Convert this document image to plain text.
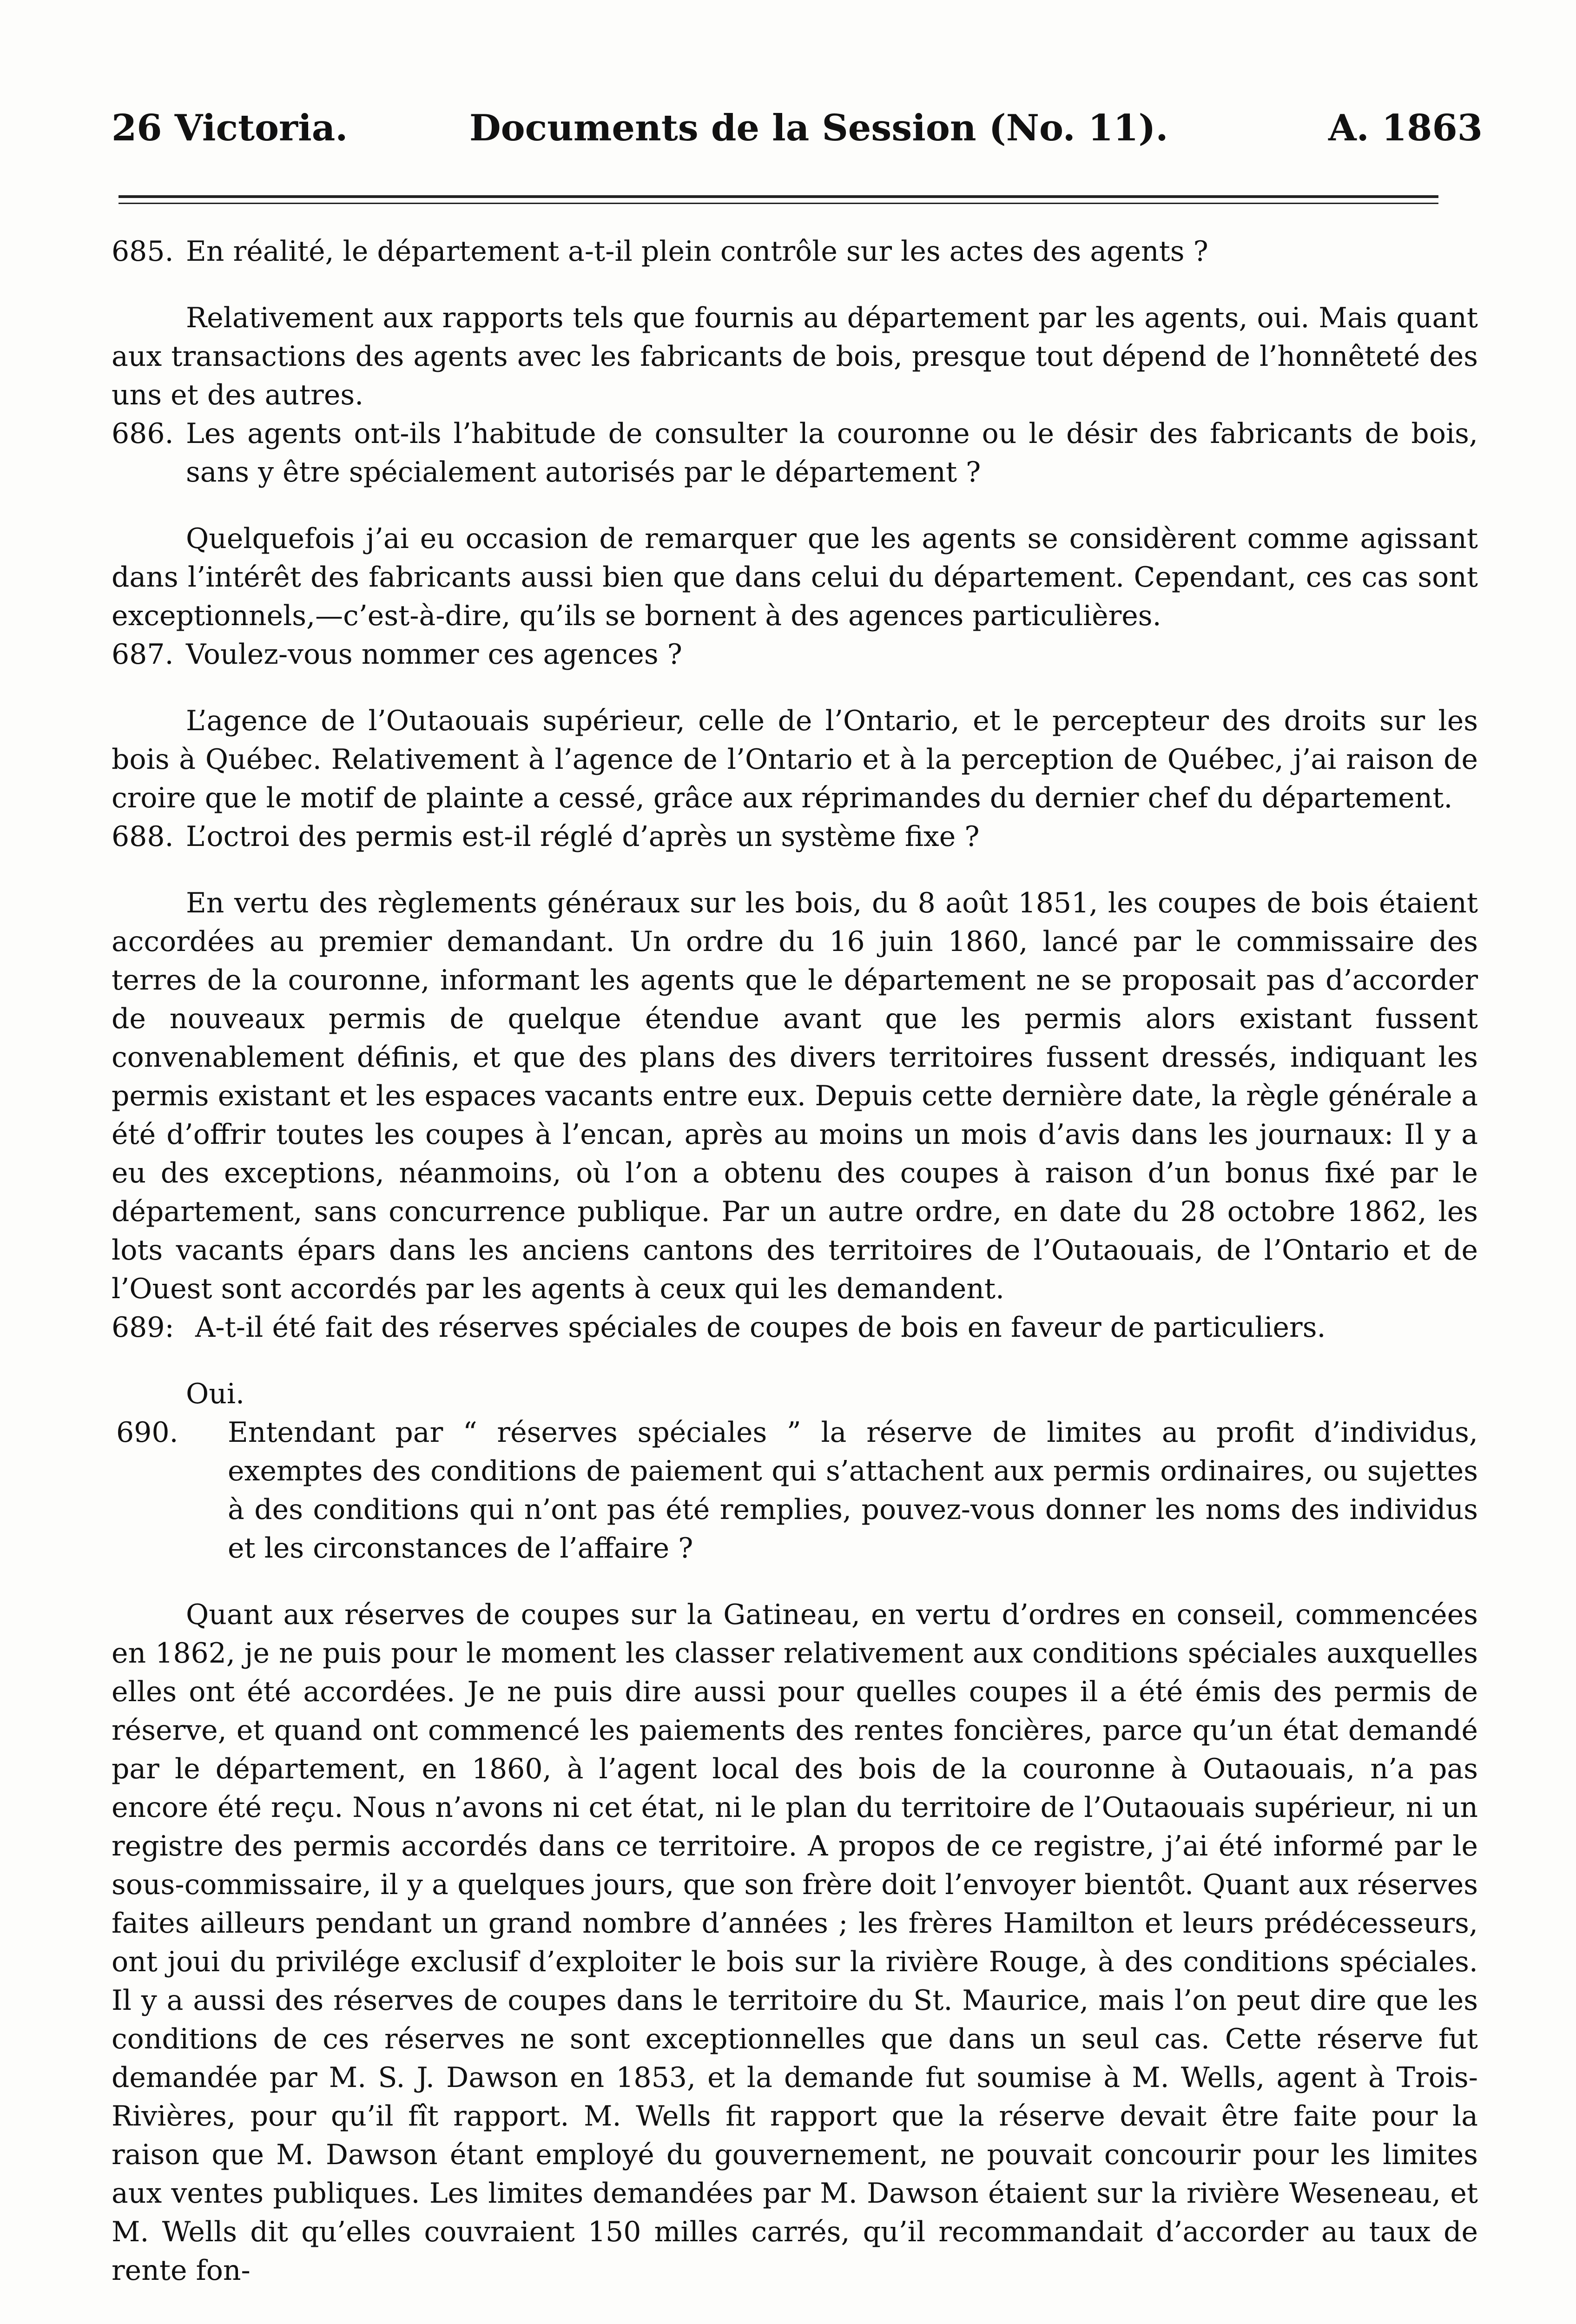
26 Victoria.	Documents de la Session (No. 11).	A. 1863

685. En réalité, le département a-t-il plein contrôle sur les actes des agents ?

Relativement aux rapports tels que fournis au département par les agents, oui. Mais quant aux transactions des agents avec les fabricants de bois, presque tout dépend de l’honnêteté des uns et des autres.

686. Les agents ont-ils l’habitude de consulter la couronne ou le désir des fabricants de bois, sans y être spécialement autorisés par le département ?

Quelquefois j’ai eu occasion de remarquer que les agents se considèrent comme agissant dans l’intérêt des fabricants aussi bien que dans celui du département. Cependant, ces cas sont exceptionnels,—c’est-à-dire, qu’ils se bornent à des agences particulières.

687. Voulez-vous nommer ces agences ?

L’agence de l’Outaouais supérieur, celle de l’Ontario, et le percepteur des droits sur les bois à Québec. Relativement à l’agence de l’Ontario et à la perception de Québec, j’ai raison de croire que le motif de plainte a cessé, grâce aux réprimandes du dernier chef du département.

688. L’octroi des permis est-il réglé d’après un système fixe ?

En vertu des règlements généraux sur les bois, du 8 août 1851, les coupes de bois étaient accordées au premier demandant. Un ordre du 16 juin 1860, lancé par le commissaire des terres de la couronne, informant les agents que le département ne se proposait pas d’accorder de nouveaux permis de quelque étendue avant que les permis alors existant fussent convenablement définis, et que des plans des divers territoires fussent dressés, indiquant les permis existant et les espaces vacants entre eux. Depuis cette dernière date, la règle générale a été d’offrir toutes les coupes à l’encan, après au moins un mois d’avis dans les journaux: Il y a eu des exceptions, néanmoins, où l’on a obtenu des coupes à raison d’un bonus fixé par le département, sans concurrence publique. Par un autre ordre, en date du 28 octobre 1862, les lots vacants épars dans les anciens cantons des territoires de l’Outaouais, de l’Ontario et de l’Ouest sont accordés par les agents à ceux qui les demandent.

689: A-t-il été fait des réserves spéciales de coupes de bois en faveur de particuliers.

Oui.

690. Entendant par “ réserves spéciales ” la réserve de limites au profit d’individus, exemptes des conditions de paiement qui s’attachent aux permis ordinaires, ou sujettes à des conditions qui n’ont pas été remplies, pouvez-vous donner les noms des individus et les circonstances de l’affaire ?

Quant aux réserves de coupes sur la Gatineau, en vertu d’ordres en conseil, commencées en 1862, je ne puis pour le moment les classer relativement aux conditions spéciales auxquelles elles ont été accordées. Je ne puis dire aussi pour quelles coupes il a été émis des permis de réserve, et quand ont commencé les paiements des rentes foncières, parce qu’un état demandé par le département, en 1860, à l’agent local des bois de la couronne à Outaouais, n’a pas encore été reçu. Nous n’avons ni cet état, ni le plan du territoire de l’Outaouais supérieur, ni un registre des permis accordés dans ce territoire. A propos de ce registre, j’ai été informé par le sous-commissaire, il y a quelques jours, que son frère doit l’envoyer bientôt. Quant aux réserves faites ailleurs pendant un grand nombre d’années ; les frères Hamilton et leurs prédécesseurs, ont joui du privilége exclusif d’exploiter le bois sur la rivière Rouge, à des conditions spéciales. Il y a aussi des réserves de coupes dans le territoire du St. Maurice, mais l’on peut dire que les conditions de ces réserves ne sont exceptionnelles que dans un seul cas. Cette réserve fut demandée par M. S. J. Dawson en 1853, et la demande fut soumise à M. Wells, agent à Trois-Rivières, pour qu’il fît rapport. M. Wells fit rapport que la réserve devait être faite pour la raison que M. Dawson étant employé du gouvernement, ne pouvait concourir pour les limites aux ventes publiques. Les limites demandées par M. Dawson étaient sur la rivière Weseneau, et M. Wells dit qu’elles couvraient 150 milles carrés, qu’il recommandait d’accorder au taux de rente fon-
